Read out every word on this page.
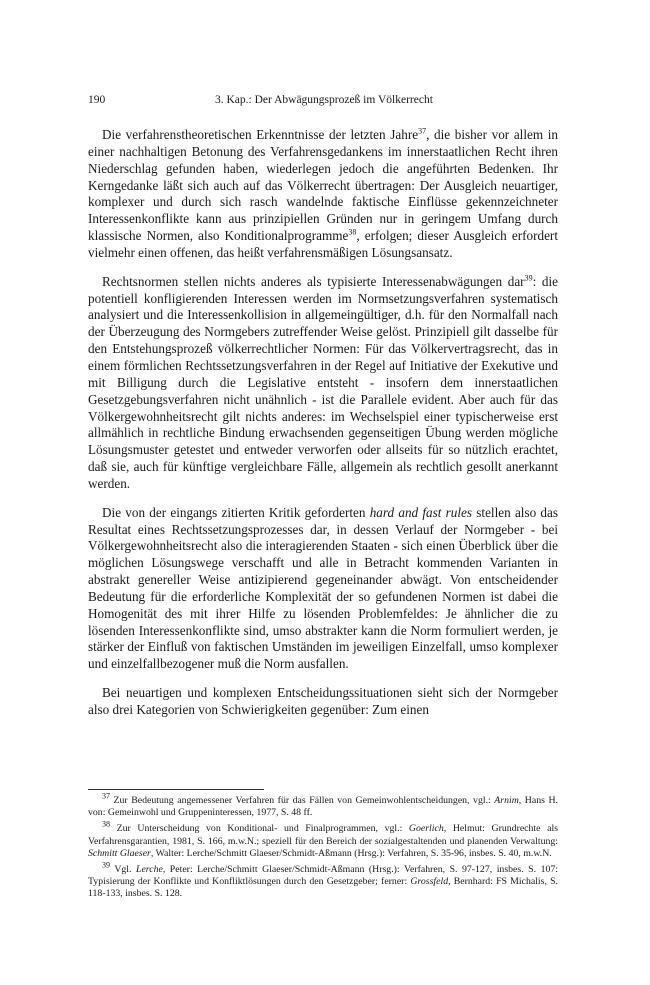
190	3. Kap.: Der Abwägungsprozeß im Völkerrecht

Die verfahrenstheoretischen Erkenntnisse der letzten Jahre$^{37}$, die bisher vor allem in einer nachhaltigen Betonung des Verfahrensgedankens im innerstaatlichen Recht ihren Niederschlag gefunden haben, wiederlegen jedoch die angeführten Bedenken. Ihr Kerngedanke läßt sich auch auf das Völkerrecht übertragen: Der Ausgleich neuartiger, komplexer und durch sich rasch wandelnde faktische Einflüsse gekennzeichneter Interessenkonflikte kann aus prinzipiellen Gründen nur in geringem Umfang durch klassische Normen, also Konditionalprogramme$^{38}$, erfolgen; dieser Ausgleich erfordert vielmehr einen offenen, das heißt verfahrensmäßigen Lösungsansatz.

Rechtsnormen stellen nichts anderes als typisierte Interessenabwägungen dar$^{39}$: die potentiell konfligierenden Interessen werden im Normsetzungsverfahren systematisch analysiert und die Interessenkollision in allgemeingültiger, d.h. für den Normalfall nach der Überzeugung des Normgebers zutreffender Weise gelöst. Prinzipiell gilt dasselbe für den Entstehungsprozeß völkerrechtlicher Normen: Für das Völkervertragsrecht, das in einem förmlichen Rechtssetzungsverfahren in der Regel auf Initiative der Exekutive und mit Billigung durch die Legislative entsteht - insofern dem innerstaatlichen Gesetzgebungsverfahren nicht unähnlich - ist die Parallele evident. Aber auch für das Völkergewohnheitsrecht gilt nichts anderes: im Wechselspiel einer typischerweise erst allmählich in rechtliche Bindung erwachsenden gegenseitigen Übung werden mögliche Lösungsmuster getestet und entweder verworfen oder allseits für so nützlich erachtet, daß sie, auch für künftige vergleichbare Fälle, allgemein als rechtlich gesollt anerkannt werden.

Die von der eingangs zitierten Kritik geforderten hard and fast rules stellen also das Resultat eines Rechtssetzungsprozesses dar, in dessen Verlauf der Normgeber - bei Völkergewohnheitsrecht also die interagierenden Staaten - sich einen Überblick über die möglichen Lösungswege verschafft und alle in Betracht kommenden Varianten in abstrakt genereller Weise antizipierend gegeneinander abwägt. Von entscheidender Bedeutung für die erforderliche Komplexität der so gefundenen Normen ist dabei die Homogenität des mit ihrer Hilfe zu lösenden Problemfeldes: Je ähnlicher die zu lösenden Interessenkonflikte sind, umso abstrakter kann die Norm formuliert werden, je stärker der Einfluß von faktischen Umständen im jeweiligen Einzelfall, umso komplexer und einzelfallbezogener muß die Norm ausfallen.

Bei neuartigen und komplexen Entscheidungssituationen sieht sich der Normgeber also drei Kategorien von Schwierigkeiten gegenüber: Zum einen

$^{37}$ Zur Bedeutung angemessener Verfahren für das Fällen von Gemeinwohlentscheidungen, vgl.: Arnim, Hans H. von: Gemeinwohl und Gruppeninteressen, 1977, S. 48 ff.

$^{38}$ Zur Unterscheidung von Konditional- und Finalprogrammen, vgl.: Goerlich, Helmut: Grundrechte als Verfahrensgarantien, 1981, S. 166, m.w.N.; speziell für den Bereich der sozialgestaltenden und planenden Verwaltung: Schmitt Glaeser, Walter: Lerche/Schmitt Glaeser/Schmidt-Aßmann (Hrsg.): Verfahren, S. 35-96, insbes. S. 40, m.w.N.

$^{39}$ Vgl. Lerche, Peter: Lerche/Schmitt Glaeser/Schmidt-Aßmann (Hrsg.): Verfahren, S. 97-127, insbes. S. 107: Typisierung der Konflikte und Konfliktlösungen durch den Gesetzgeber; ferner: Grossfeld, Bernhard: FS Michalis, S. 118-133, insbes. S. 128.
